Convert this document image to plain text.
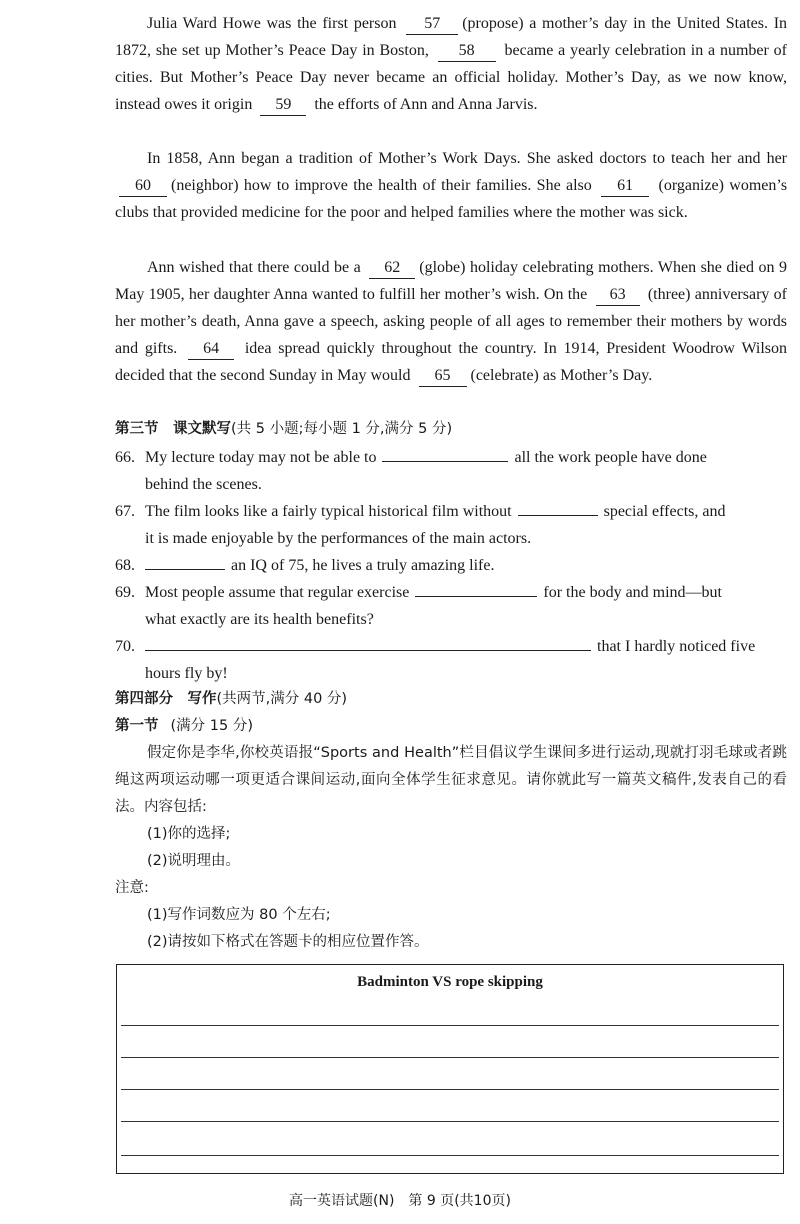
Julia Ward Howe was the first person 57 (propose) a mother’s day in the United States. In 1872, she set up Mother’s Peace Day in Boston, 58 became a yearly celebration in a number of cities. But Mother’s Peace Day never became an official holiday. Mother’s Day, as we now know, instead owes it origin 59 the efforts of Ann and Anna Jarvis.

In 1858, Ann began a tradition of Mother’s Work Days. She asked doctors to teach her and her 60 (neighbor) how to improve the health of their families. She also 61 (organize) women’s clubs that provided medicine for the poor and helped families where the mother was sick.

Ann wished that there could be a 62 (globe) holiday celebrating mothers. When she died on 9 May 1905, her daughter Anna wanted to fulfill her mother’s wish. On the 63 (three) anniversary of her mother’s death, Anna gave a speech, asking people of all ages to remember their mothers by words and gifts. 64 idea spread quickly throughout the country. In 1914, President Woodrow Wilson decided that the second Sunday in May would 65 (celebrate) as Mother’s Day.

第三节　课文默写(共 5 小题;每小题 1 分,满分 5 分)

66. My lecture today may not be able to	all the work people have done
behind the scenes.
67. The film looks like a fairly typical historical film without	special effects, and
it is made enjoyable by the performances of the main actors.
68.	an IQ of 75, he lives a truly amazing life.
69. Most people assume that regular exercise	for the body and mind—but
what exactly are its health benefits?
70.	that I hardly noticed five
hours fly by!

第四部分　写作(共两节,满分 40 分)

第一节 (满分 15 分)

假定你是李华,你校英语报“Sports and Health”栏目倡议学生课间多进行运动,现就打羽毛球或者跳绳这两项运动哪一项更适合课间运动,面向全体学生征求意见。请你就此写一篇英文稿件,发表自己的看法。内容包括:

(1)你的选择;

(2)说明理由。

注意:

(1)写作词数应为 80 个左右;

(2)请按如下格式在答题卡的相应位置作答。

Badminton VS rope skipping
高一英语试题(N)　第 9 页(共10页)
